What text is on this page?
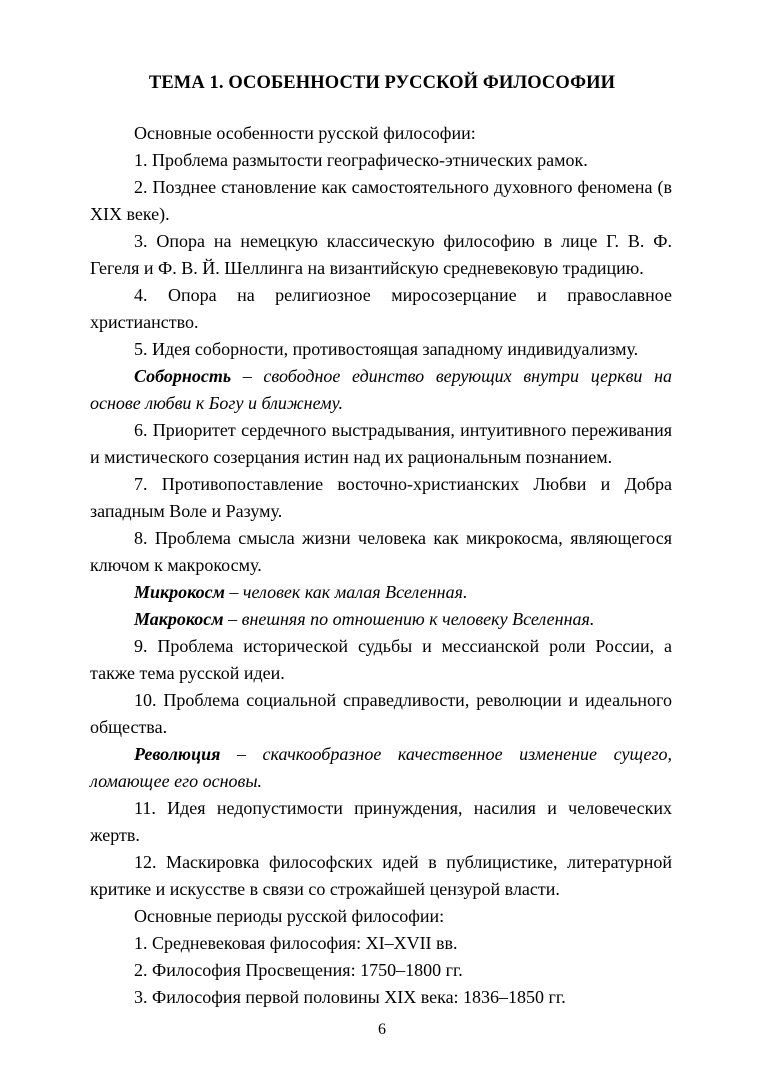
ТЕМА 1. ОСОБЕННОСТИ РУССКОЙ ФИЛОСОФИИ

Основные особенности русской философии:

1. Проблема размытости географическо-этнических рамок.

2. Позднее становление как самостоятельного духовного феномена (в XIX веке).

3. Опора на немецкую классическую философию в лице Г. В. Ф. Гегеля и Ф. В. Й. Шеллинга на византийскую средневековую традицию.

4. Опора на религиозное миросозерцание и православное христианство.

5. Идея соборности, противостоящая западному индивидуализму.

Соборность – свободное единство верующих внутри церкви на основе любви к Богу и ближнему.

6. Приоритет сердечного выстрадывания, интуитивного переживания и мистического созерцания истин над их рациональным познанием.

7. Противопоставление восточно-христианских Любви и Добра западным Воле и Разуму.

8. Проблема смысла жизни человека как микрокосма, являющегося ключом к макрокосму.

Микрокосм – человек как малая Вселенная.

Макрокосм – внешняя по отношению к человеку Вселенная.

9. Проблема исторической судьбы и мессианской роли России, а также тема русской идеи.

10. Проблема социальной справедливости, революции и идеального общества.

Революция – скачкообразное качественное изменение сущего, ломающее его основы.

11. Идея недопустимости принуждения, насилия и человеческих жертв.

12. Маскировка философских идей в публицистике, литературной критике и искусстве в связи со строжайшей цензурой власти.

Основные периоды русской философии:

1. Средневековая философия: XI–XVII вв.

2. Философия Просвещения: 1750–1800 гг.

3. Философия первой половины XIX века: 1836–1850 гг.

6
